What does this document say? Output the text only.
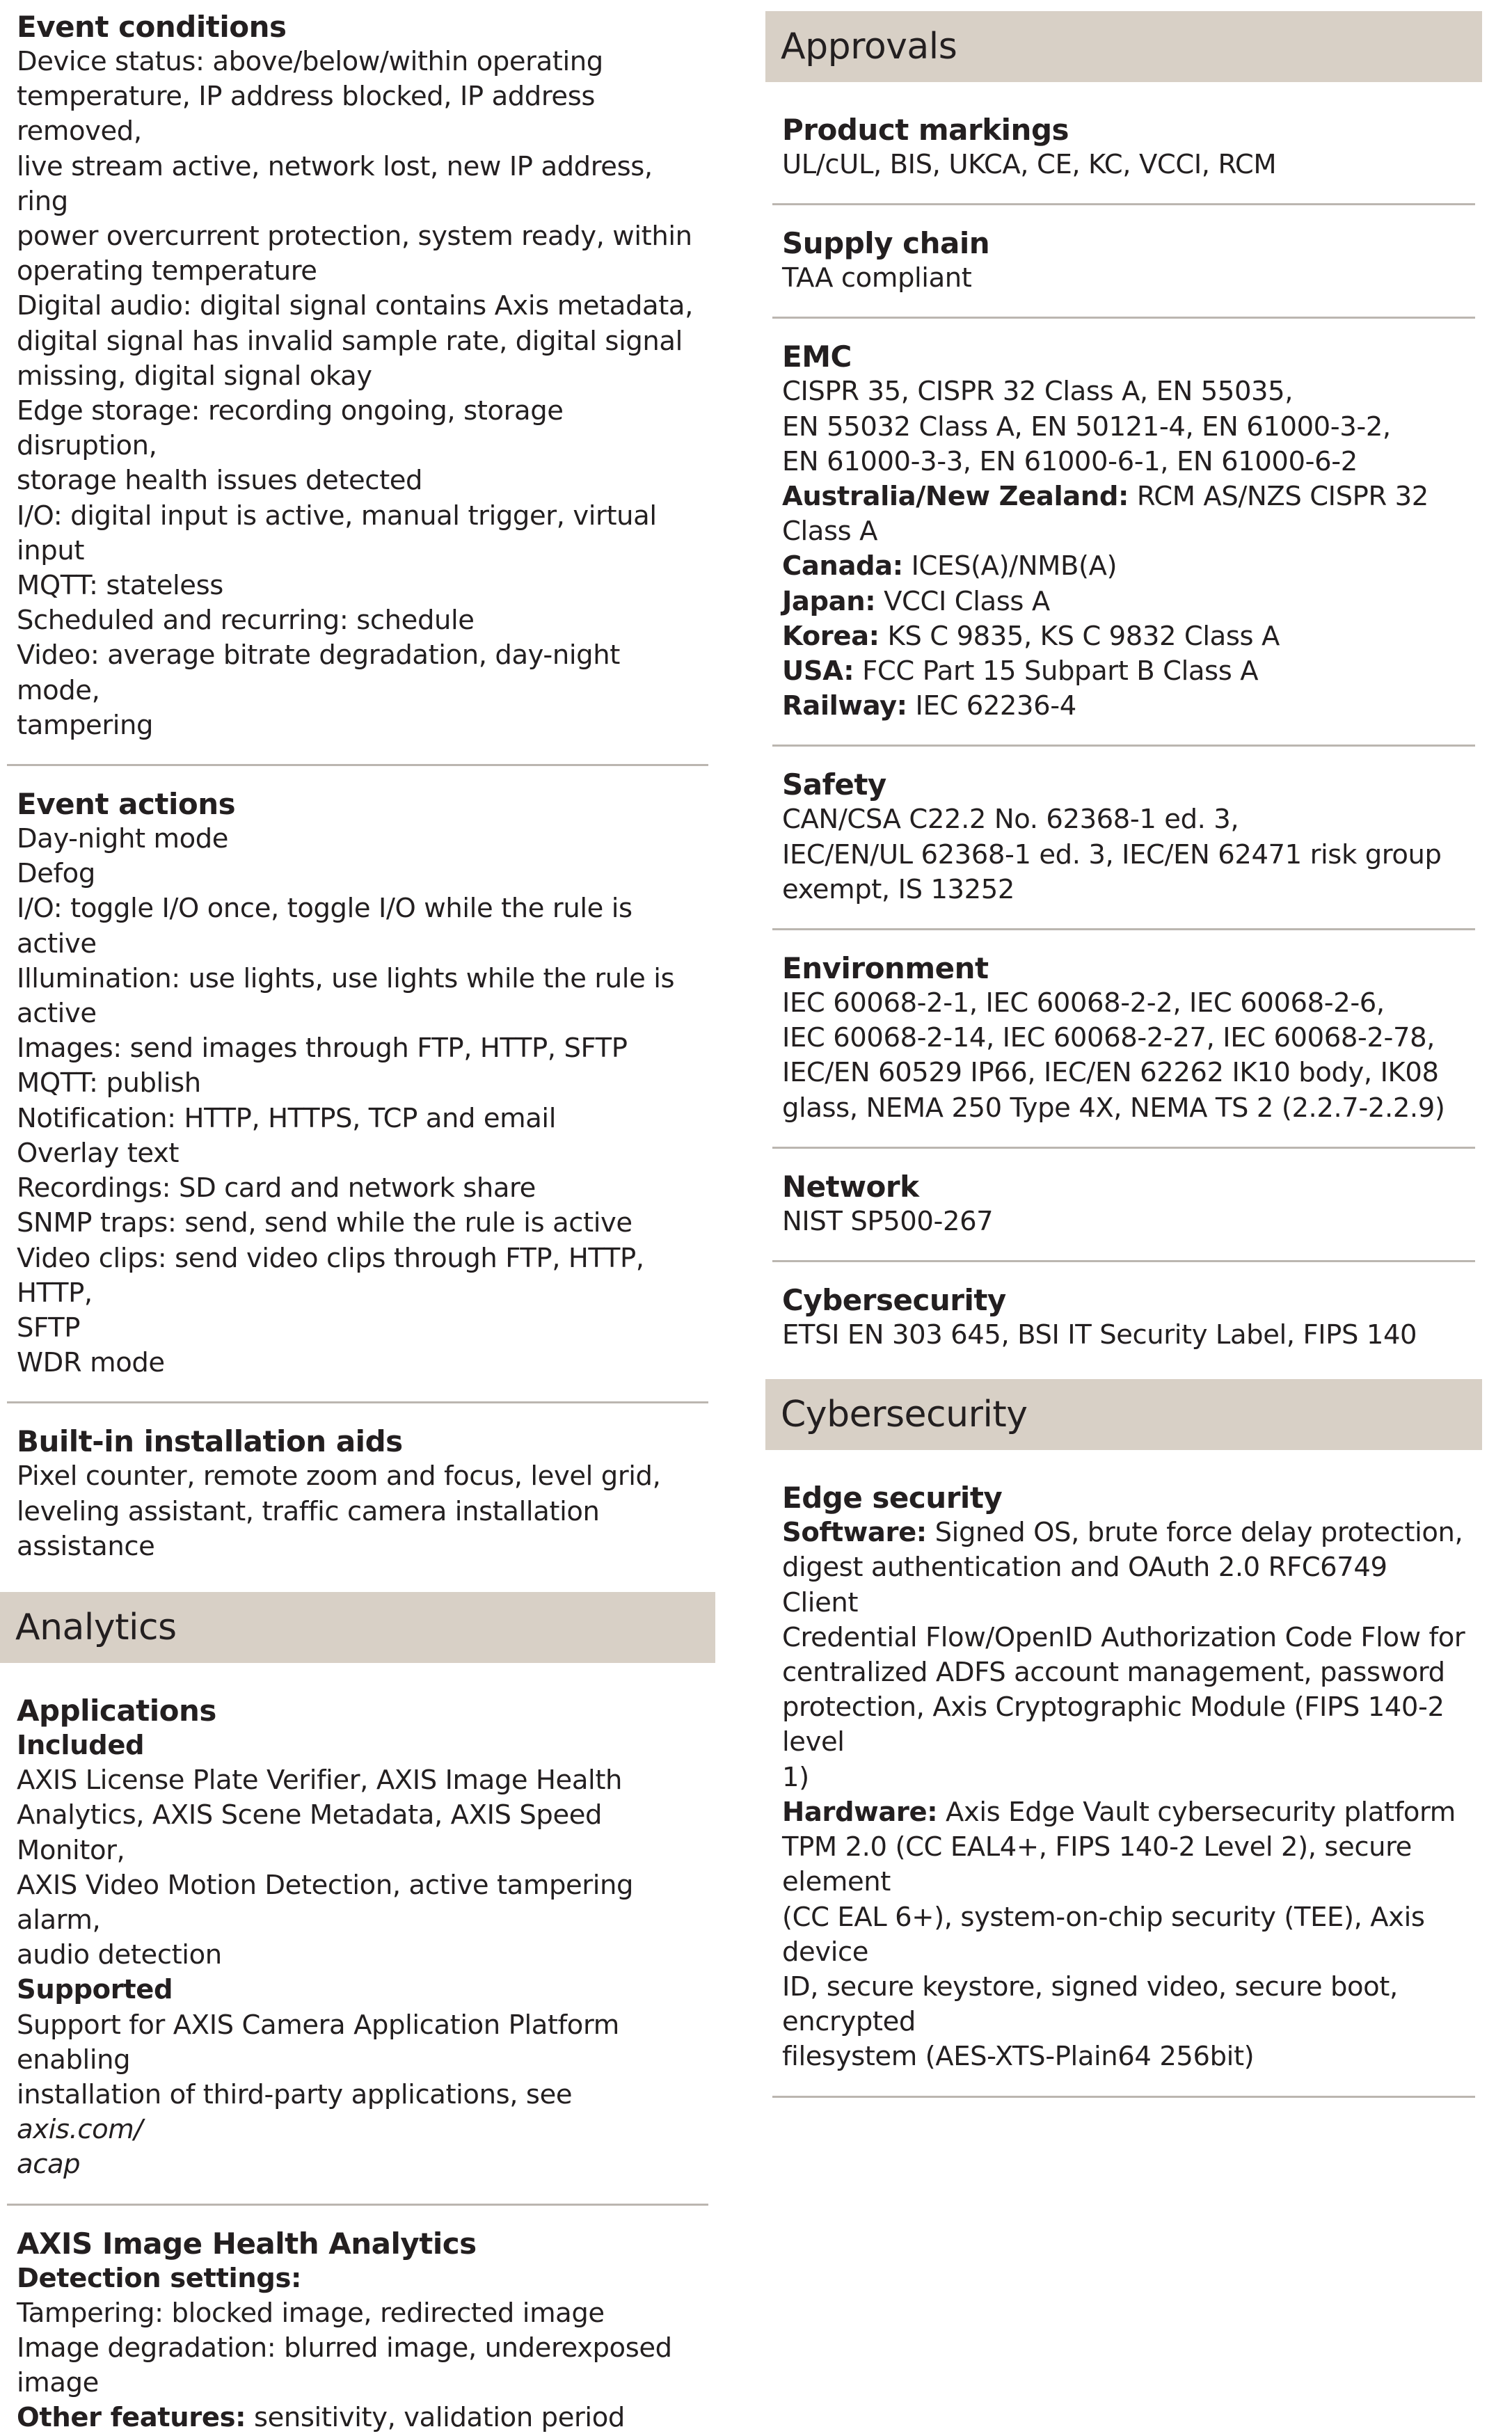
Event conditions
Device status: above/below/within operating
temperature, IP address blocked, IP address removed,
live stream active, network lost, new IP address, ring
power overcurrent protection, system ready, within
operating temperature
Digital audio: digital signal contains Axis metadata,
digital signal has invalid sample rate, digital signal
missing, digital signal okay
Edge storage: recording ongoing, storage disruption,
storage health issues detected
I/O: digital input is active, manual trigger, virtual input
MQTT: stateless
Scheduled and recurring: schedule
Video: average bitrate degradation, day-night mode,
tampering
Event actions
Day-night mode
Defog
I/O: toggle I/O once, toggle I/O while the rule is active
Illumination: use lights, use lights while the rule is
active
Images: send images through FTP, HTTP, SFTP
MQTT: publish
Notification: HTTP, HTTPS, TCP and email
Overlay text
Recordings: SD card and network share
SNMP traps: send, send while the rule is active
Video clips: send video clips through FTP, HTTP, HTTP,
SFTP
WDR mode
Built-in installation aids
Pixel counter, remote zoom and focus, level grid,
leveling assistant, traffic camera installation assistance
Analytics
Applications
Included
AXIS License Plate Verifier, AXIS Image Health
Analytics, AXIS Scene Metadata, AXIS Speed Monitor,
AXIS Video Motion Detection, active tampering alarm,
audio detection
Supported
Support for AXIS Camera Application Platform enabling
installation of third-party applications, see axis.com/
acap
AXIS Image Health Analytics
Detection settings:
Tampering: blocked image, redirected image
Image degradation: blurred image, underexposed image
Other features: sensitivity, validation period
Approvals
Product markings
UL/cUL, BIS, UKCA, CE, KC, VCCI, RCM
Supply chain
TAA compliant
EMC
CISPR 35, CISPR 32 Class A, EN 55035,
EN 55032 Class A, EN 50121-4, EN 61000-3-2,
EN 61000-3-3, EN 61000-6-1, EN 61000-6-2
Australia/New Zealand: RCM AS/NZS CISPR 32 Class A
Canada: ICES(A)/NMB(A)
Japan: VCCI Class A
Korea: KS C 9835, KS C 9832 Class A
USA: FCC Part 15 Subpart B Class A
Railway: IEC 62236-4
Safety
CAN/CSA C22.2 No. 62368-1 ed. 3,
IEC/EN/UL 62368-1 ed. 3, IEC/EN 62471 risk group
exempt, IS 13252
Environment
IEC 60068-2-1, IEC 60068-2-2, IEC 60068-2-6,
IEC 60068-2-14, IEC 60068-2-27, IEC 60068-2-78,
IEC/EN 60529 IP66, IEC/EN 62262 IK10 body, IK08
glass, NEMA 250 Type 4X, NEMA TS 2 (2.2.7-2.2.9)
Network
NIST SP500-267
Cybersecurity
ETSI EN 303 645, BSI IT Security Label, FIPS 140
Cybersecurity
Edge security
Software: Signed OS, brute force delay protection,
digest authentication and OAuth 2.0 RFC6749 Client
Credential Flow/OpenID Authorization Code Flow for
centralized ADFS account management, password
protection, Axis Cryptographic Module (FIPS 140-2 level
1)
Hardware: Axis Edge Vault cybersecurity platform
TPM 2.0 (CC EAL4+, FIPS 140-2 Level 2), secure element
(CC EAL 6+), system-on-chip security (TEE), Axis device
ID, secure keystore, signed video, secure boot, encrypted
filesystem (AES-XTS-Plain64 256bit)
